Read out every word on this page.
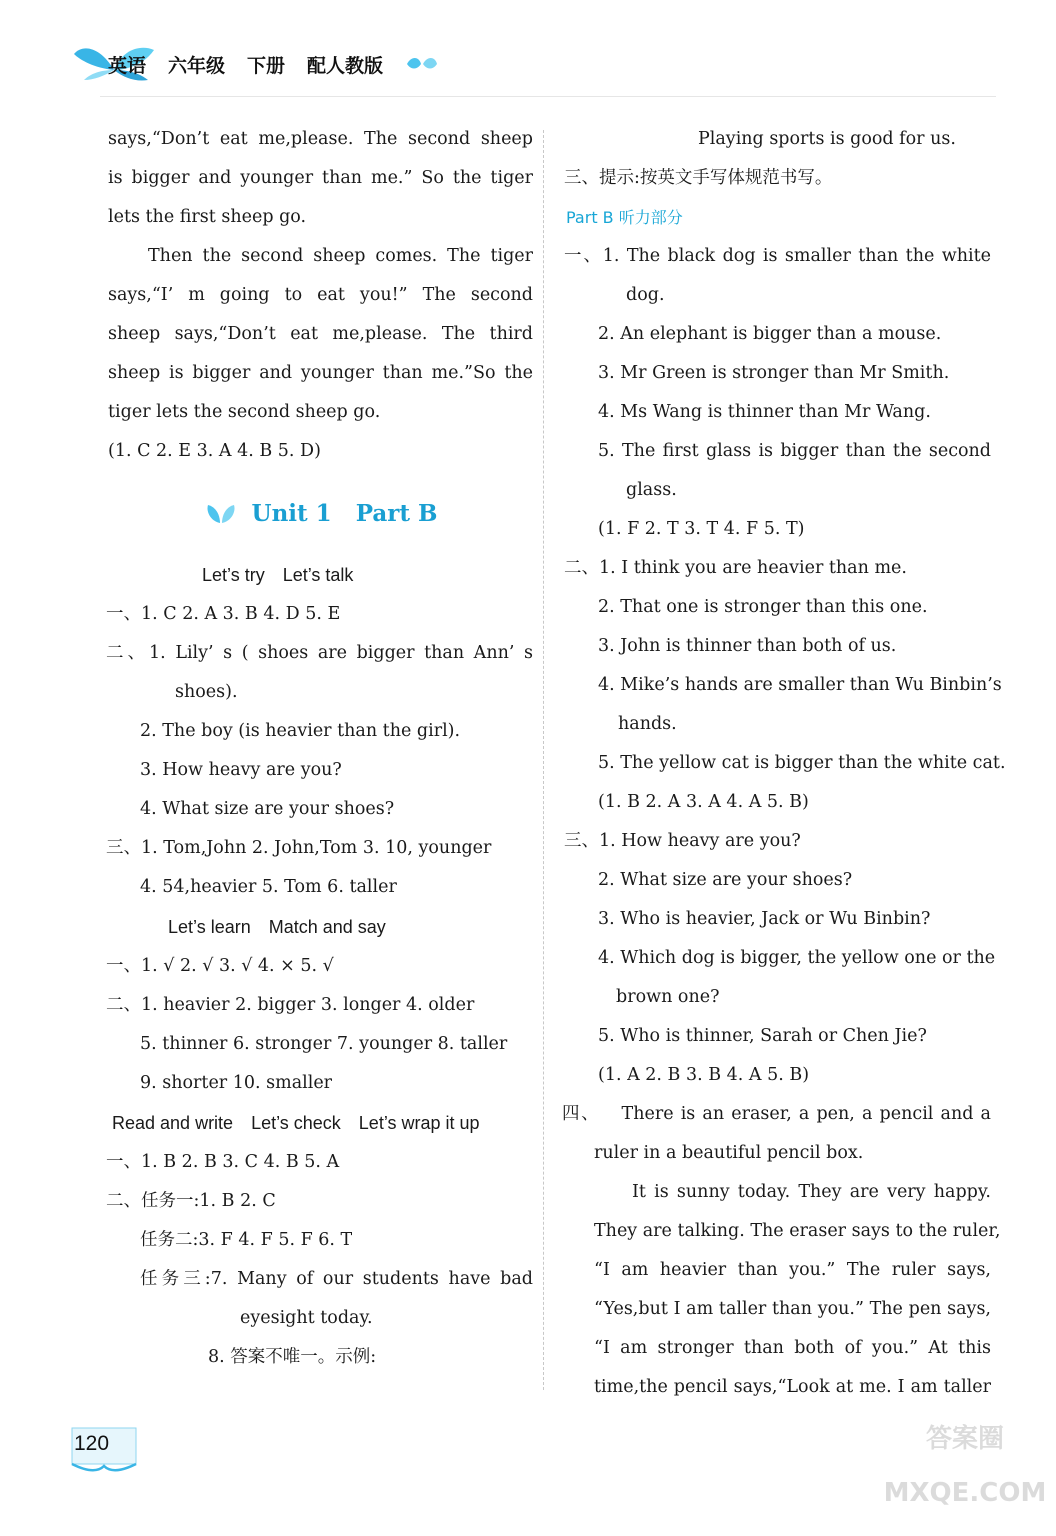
英语 六年级 下册 配人教版
says,“Don’t eat me,please. The second sheep
is bigger and younger than me.” So the tiger
lets the first sheep go.
Then the second sheep comes. The tiger
says,“I’ m going to eat you!” The second
sheep says,“Don’t eat me,please. The third
sheep is bigger and younger than me.”So the
tiger lets the second sheep go.
(1. C 2. E 3. A 4. B 5. D)
Unit 1   Part B
Let’s try Let’s talk
一、1. C 2. A 3. B 4. D 5. E
二、1. Lily’ s ( shoes are bigger than Ann’ s
shoes).
2. The boy (is heavier than the girl).
3. How heavy are you?
4. What size are your shoes?
三、1. Tom,John 2. John,Tom 3. 10, younger
4. 54,heavier 5. Tom 6. taller
Let’s learn Match and say
一、1. √ 2. √ 3. √ 4. × 5. √
二、1. heavier 2. bigger 3. longer 4. older
5. thinner 6. stronger 7. younger 8. taller
9. shorter 10. smaller
Read and write Let’s check Let’s wrap it up
一、1. B 2. B 3. C 4. B 5. A
二、任务一:1. B 2. C
任务二:3. F 4. F 5. F 6. T
任务三:7. Many of our students have bad
eyesight today.
8. 答案不唯一。示例:
Playing sports is good for us.
三、提示:按英文手写体规范书写。
Part B 听力部分
一、1. The black dog is smaller than the white
dog.
2. An elephant is bigger than a mouse.
3. Mr Green is stronger than Mr Smith.
4. Ms Wang is thinner than Mr Wang.
5. The first glass is bigger than the second
glass.
(1. F 2. T 3. T 4. F 5. T)
二、1. I think you are heavier than me.
2. That one is stronger than this one.
3. John is thinner than both of us.
4. Mike’s hands are smaller than Wu Binbin’s
hands.
5. The yellow cat is bigger than the white cat.
(1. B 2. A 3. A 4. A 5. B)
三、1. How heavy are you?
2. What size are your shoes?
3. Who is heavier, Jack or Wu Binbin?
4. Which dog is bigger, the yellow one or the
brown one?
5. Who is thinner, Sarah or Chen Jie?
(1. A 2. B 3. B 4. A 5. B)
四、   There is an eraser, a pen, a pencil and a
ruler in a beautiful pencil box.
It is sunny today. They are very happy.
They are talking. The eraser says to the ruler,
“I am heavier than you.” The ruler says,
“Yes,but I am taller than you.” The pen says,
“I am stronger than both of you.” At this
time,the pencil says,“Look at me. I am taller
120	答案圈 MXQE.COM
